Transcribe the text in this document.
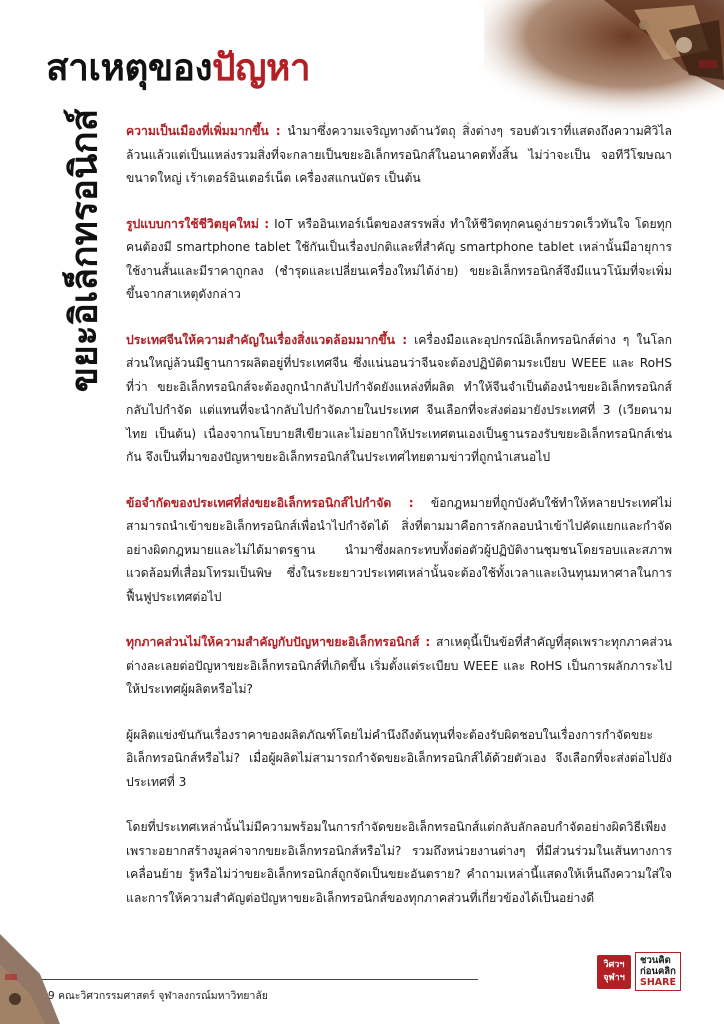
สาเหตุของปัญหา
ขยะอิเล็กทรอนิกส์	ความเป็นเมืองที่เพิ่มมากขึ้น : นำมาซึ่งความเจริญทางด้านวัตถุ สิ่งต่างๆ รอบตัวเราที่แสดงถึงความศิวิไลล้วนแล้วแต่เป็นแหล่งรวมสิ่งที่จะกลายเป็นขยะอิเล็กทรอนิกส์ในอนาคตทั้งสิ้น ไม่ว่าจะเป็น จอทีวีโฆษณาขนาดใหญ่ เร้าเตอร์อินเตอร์เน็ต เครื่องสแกนบัตร เป็นต้น

รูปแบบการใช้ชีวิตยุคใหม่ : IoT หรืออินเทอร์เน็ตของสรรพสิ่ง ทำให้ชีวิตทุกคนดูง่ายรวดเร็วทันใจ โดยทุกคนต้องมี smartphone tablet ใช้กันเป็นเรื่องปกติและที่สำคัญ smartphone tablet เหล่านั้นมีอายุการใช้งานสั้นและมีราคาถูกลง (ชำรุดและเปลี่ยนเครื่องใหม่ได้ง่าย) ขยะอิเล็กทรอนิกส์จึงมีแนวโน้มที่จะเพิ่มขึ้นจากสาเหตุดังกล่าว

ประเทศจีนให้ความสำคัญในเรื่องสิ่งแวดล้อมมากขึ้น : เครื่องมือและอุปกรณ์อิเล็กทรอนิกส์ต่าง ๆ ในโลก ส่วนใหญ่ล้วนมีฐานการผลิตอยู่ที่ประเทศจีน ซึ่งแน่นอนว่าจีนจะต้องปฏิบัติตามระเบียบ WEEE และ RoHS ที่ว่า ขยะอิเล็กทรอนิกส์จะต้องถูกนำกลับไปกำจัดยังแหล่งที่ผลิต ทำให้จีนจำเป็นต้องนำขยะอิเล็กทรอนิกส์กลับไปกำจัด แต่แทนที่จะนำกลับไปกำจัดภายในประเทศ จีนเลือกที่จะส่งต่อมายังประเทศที่ 3 (เวียดนาม ไทย เป็นต้น) เนื่องจากนโยบายสีเขียวและไม่อยากให้ประเทศตนเองเป็นฐานรองรับขยะอิเล็กทรอนิกส์เช่นกัน จึงเป็นที่มาของปัญหาขยะอิเล็กทรอนิกส์ในประเทศไทยตามข่าวที่ถูกนำเสนอไป

ข้อจำกัดของประเทศที่ส่งขยะอิเล็กทรอนิกส์ไปกำจัด : ข้อกฎหมายที่ถูกบังคับใช้ทำให้หลายประเทศไม่สามารถนำเข้าขยะอิเล็กทรอนิกส์เพื่อนำไปกำจัดได้ สิ่งที่ตามมาคือการลักลอบนำเข้าไปคัดแยกและกำจัดอย่างผิดกฎหมายและไม่ได้มาตรฐาน นำมาซึ่งผลกระทบทั้งต่อตัวผู้ปฏิบัติงานชุมชนโดยรอบและสภาพแวดล้อมที่เสื่อมโทรมเป็นพิษ ซึ่งในระยะยาวประเทศเหล่านั้นจะต้องใช้ทั้งเวลาและเงินทุนมหาศาลในการฟื้นฟูประเทศต่อไป

ทุกภาคส่วนไม่ให้ความสำคัญกับปัญหาขยะอิเล็กทรอนิกส์ : สาเหตุนี้เป็นข้อที่สำคัญที่สุดเพราะทุกภาคส่วนต่างละเลยต่อปัญหาขยะอิเล็กทรอนิกส์ที่เกิดขึ้น เริ่มตั้งแต่ระเบียบ WEEE และ RoHS เป็นการผลักภาระไปให้ประเทศผู้ผลิตหรือไม่?

ผู้ผลิตแข่งขันกันเรื่องราคาของผลิตภัณฑ์โดยไม่คำนึงถึงต้นทุนที่จะต้องรับผิดชอบในเรื่องการกำจัดขยะอิเล็กทรอนิกส์หรือไม่? เมื่อผู้ผลิตไม่สามารถกำจัดขยะอิเล็กทรอนิกส์ได้ด้วยตัวเอง จึงเลือกที่จะส่งต่อไปยังประเทศที่ 3

โดยที่ประเทศเหล่านั้นไม่มีความพร้อมในการกำจัดขยะอิเล็กทรอนิกส์แต่กลับลักลอบกำจัดอย่างผิดวิธีเพียงเพราะอยากสร้างมูลค่าจากขยะอิเล็กทรอนิกส์หรือไม่? รวมถึงหน่วยงานต่างๆ ที่มีส่วนร่วมในเส้นทางการเคลื่อนย้าย รู้หรือไม่ว่าขยะอิเล็กทรอนิกส์ถูกจัดเป็นขยะอันตราย? คำถามเหล่านี้แสดงให้เห็นถึงความใส่ใจและการให้ความสำคัญต่อปัญหาขยะอิเล็กทรอนิกส์ของทุกภาคส่วนที่เกี่ยวข้องได้เป็นอย่างดี

9 คณะวิศวกรรมศาสตร์ จุฬาลงกรณ์มหาวิทยาลัย
วิศวฯ
จุฬาฯ
ชวนคิด
ก่อนคลิก
SHARE
